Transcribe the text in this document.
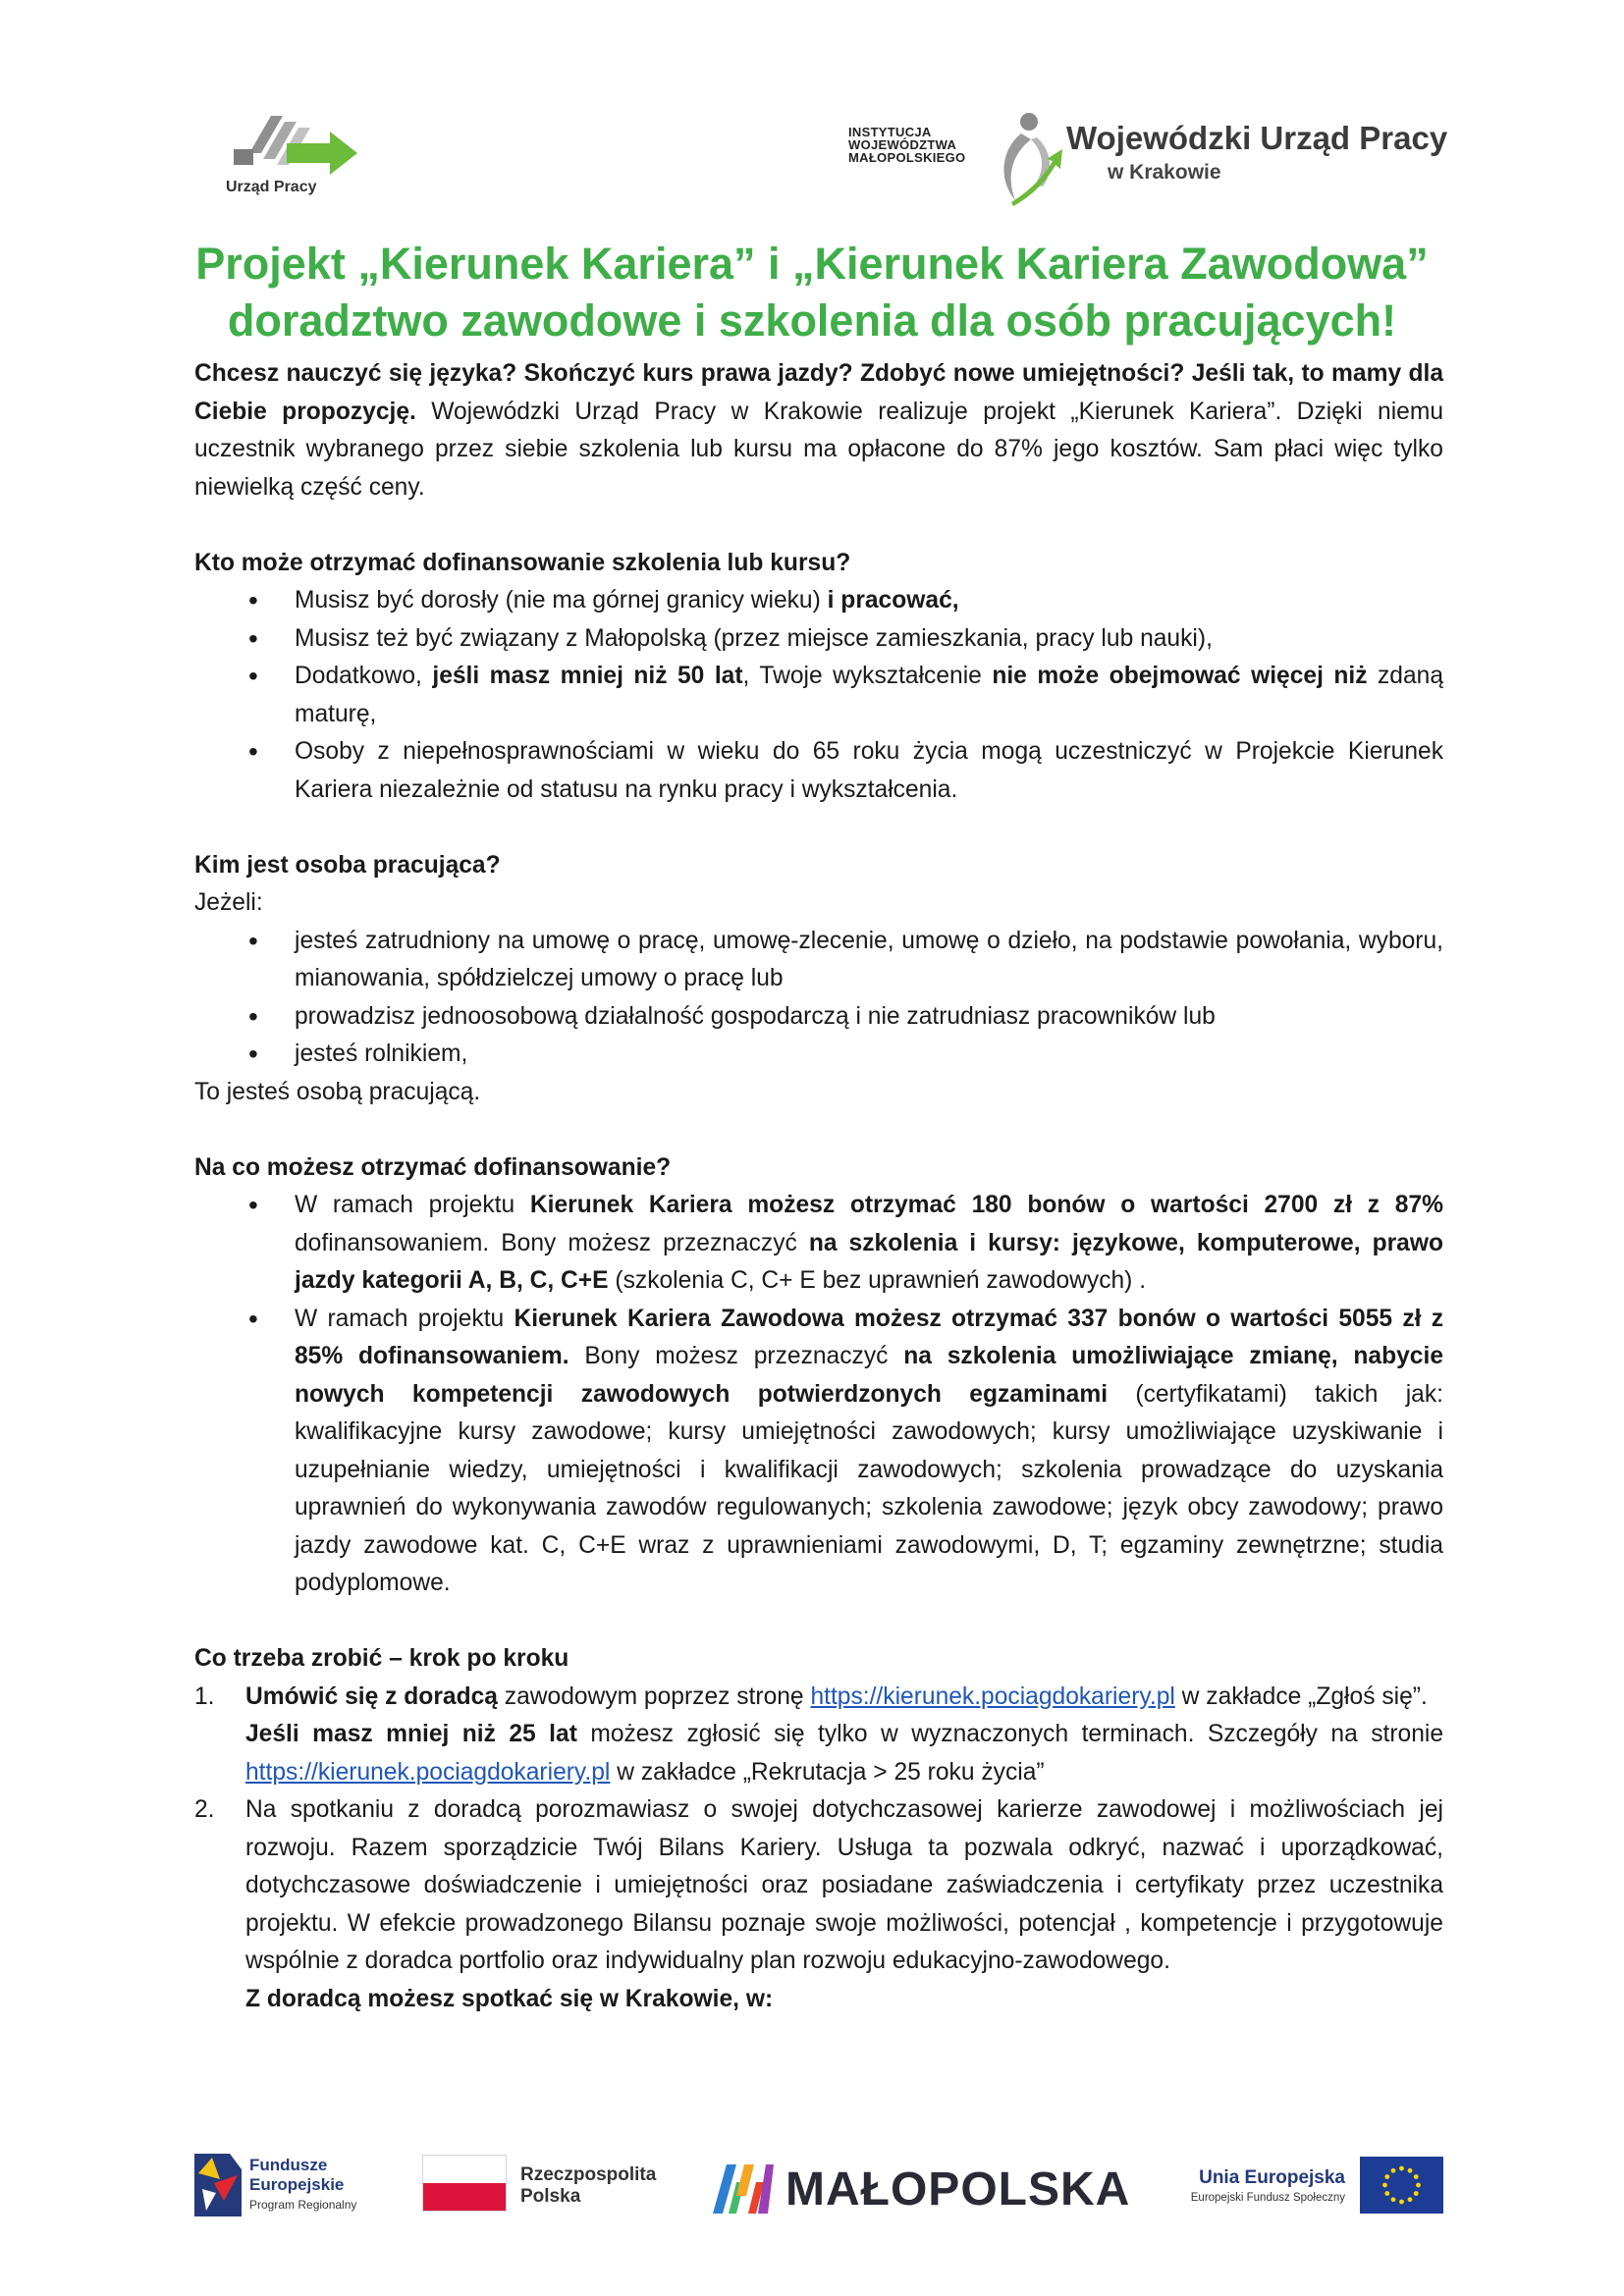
Urząd Pracy
INSTYTUCJA
WOJEWÓDZTWA
MAŁOPOLSKIEGO
Wojewódzki Urząd Pracy
w Krakowie
Projekt „Kierunek Kariera” i „Kierunek Kariera Zawodowa”
doradztwo zawodowe i szkolenia dla osób pracujących!

Chcesz nauczyć się języka? Skończyć kurs prawa jazdy? Zdobyć nowe umiejętności? Jeśli tak, to mamy dla Ciebie propozycję. Wojewódzki Urząd Pracy w Krakowie realizuje projekt „Kierunek Kariera”. Dzięki niemu uczestnik wybranego przez siebie szkolenia lub kursu ma opłacone do 87% jego kosztów. Sam płaci więc tylko niewielką część ceny.

Kto może otrzymać dofinansowanie szkolenia lub kursu?
• Musisz być dorosły (nie ma górnej granicy wieku) i pracować,
• Musisz też być związany z Małopolską (przez miejsce zamieszkania, pracy lub nauki),
• Dodatkowo, jeśli masz mniej niż 50 lat, Twoje wykształcenie nie może obejmować więcej niż zdaną maturę,
• Osoby z niepełnosprawnościami w wieku do 65 roku życia mogą uczestniczyć w Projekcie Kierunek Kariera niezależnie od statusu na rynku pracy i wykształcenia.
Kim jest osoba pracująca?
Jeżeli:
• jesteś zatrudniony na umowę o pracę, umowę-zlecenie, umowę o dzieło, na podstawie powołania, wyboru, mianowania, spółdzielczej umowy o pracę lub
• prowadzisz jednoosobową działalność gospodarczą i nie zatrudniasz pracowników lub
• jesteś rolnikiem,
To jesteś osobą pracującą.
Na co możesz otrzymać dofinansowanie?
• W ramach projektu Kierunek Kariera możesz otrzymać 180 bonów o wartości 2700 zł z 87% dofinansowaniem. Bony możesz przeznaczyć na szkolenia i kursy: językowe, komputerowe, prawo jazdy kategorii A, B, C, C+E (szkolenia C, C+ E bez uprawnień zawodowych) .
• W ramach projektu Kierunek Kariera Zawodowa możesz otrzymać 337 bonów o wartości 5055 zł z 85% dofinansowaniem. Bony możesz przeznaczyć na szkolenia umożliwiające zmianę, nabycie nowych kompetencji zawodowych potwierdzonych egzaminami (certyfikatami) takich jak: kwalifikacyjne kursy zawodowe; kursy umiejętności zawodowych; kursy umożliwiające uzyskiwanie i uzupełnianie wiedzy, umiejętności i kwalifikacji zawodowych; szkolenia prowadzące do uzyskania uprawnień do wykonywania zawodów regulowanych; szkolenia zawodowe; język obcy zawodowy; prawo jazdy zawodowe kat. C, C+E wraz z uprawnieniami zawodowymi, D, T; egzaminy zewnętrzne; studia podyplomowe.
Co trzeba zrobić – krok po kroku
1. Umówić się z doradcą zawodowym poprzez stronę https://kierunek.pociagdokariery.pl w zakładce „Zgłoś się”.
Jeśli masz mniej niż 25 lat możesz zgłosić się tylko w wyznaczonych terminach. Szczegóły na stronie https://kierunek.pociagdokariery.pl w zakładce „Rekrutacja > 25 roku życia”
2. Na spotkaniu z doradcą porozmawiasz o swojej dotychczasowej karierze zawodowej i możliwościach jej rozwoju. Razem sporządzicie Twój Bilans Kariery. Usługa ta pozwala odkryć, nazwać i uporządkować, dotychczasowe doświadczenie i umiejętności oraz posiadane zaświadczenia i certyfikaty przez uczestnika projektu. W efekcie prowadzonego Bilansu poznaje swoje możliwości, potencjał , kompetencje i przygotowuje wspólnie z doradca portfolio oraz indywidualny plan rozwoju edukacyjno-zawodowego.
Z doradcą możesz spotkać się w Krakowie, w:
Fundusze
Europejskie
Program Regionalny
Rzeczpospolita
Polska	MAŁOPOLSKA	Unia Europejska
Europejski Fundusz Społeczny
